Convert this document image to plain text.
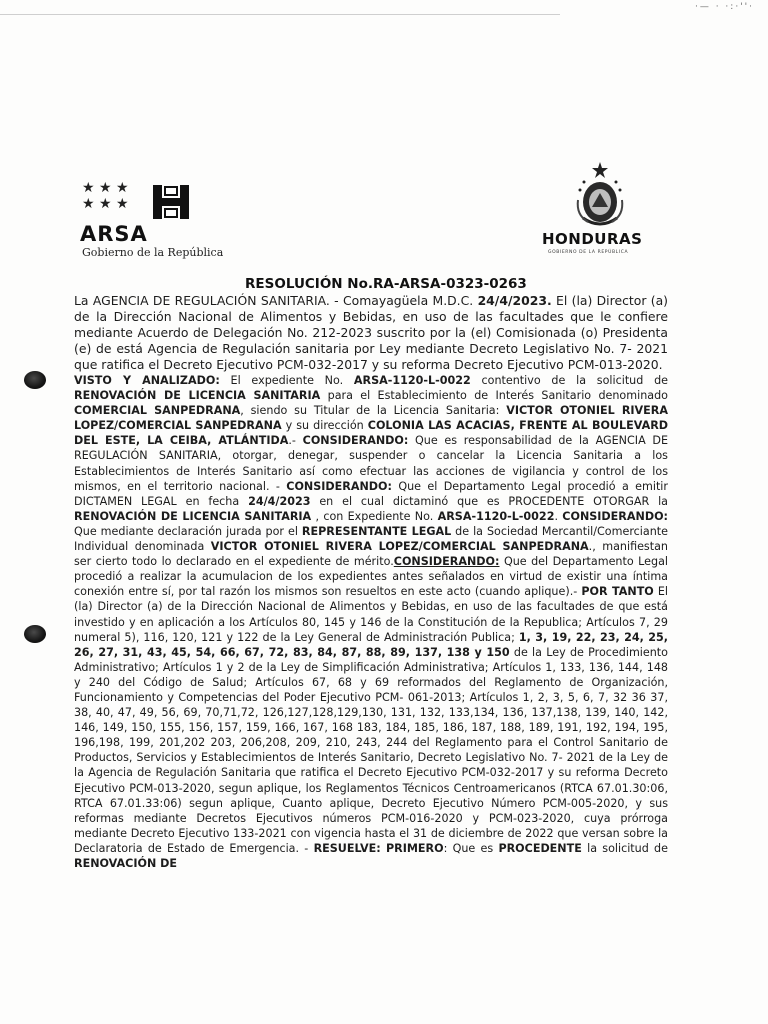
·— · ·:·''·
★ ★ ★
★ ★ ★
ARSA
Gobierno de la República
HONDURAS
GOBIERNO DE LA REPÚBLICA
RESOLUCIÓN No.RA-ARSA-0323-0263
La AGENCIA DE REGULACIÓN SANITARIA. - Comayagüela M.D.C. 24/4/2023. El (la) Director (a) de la Dirección Nacional de Alimentos y Bebidas, en uso de las facultades que le confiere mediante Acuerdo de Delegación No. 212-2023 suscrito por la (el) Comisionada (o) Presidenta (e) de está Agencia de Regulación sanitaria por Ley mediante Decreto Legislativo No. 7- 2021 que ratifica el Decreto Ejecutivo PCM-032-2017 y su reforma Decreto Ejecutivo PCM-013-2020.
VISTO Y ANALIZADO: El expediente No. ARSA-1120-L-0022 contentivo de la solicitud de RENOVACIÓN DE LICENCIA SANITARIA para el Establecimiento de Interés Sanitario denominado COMERCIAL SANPEDRANA, siendo su Titular de la Licencia Sanitaria: VICTOR OTONIEL RIVERA LOPEZ/COMERCIAL SANPEDRANA y su dirección COLONIA LAS ACACIAS, FRENTE AL BOULEVARD DEL ESTE, LA CEIBA, ATLÁNTIDA.- CONSIDERANDO: Que es responsabilidad de la AGENCIA DE REGULACIÓN SANITARIA, otorgar, denegar, suspender o cancelar la Licencia Sanitaria a los Establecimientos de Interés Sanitario así como efectuar las acciones de vigilancia y control de los mismos, en el territorio nacional. - CONSIDERANDO: Que el Departamento Legal procedió a emitir DICTAMEN LEGAL en fecha 24/4/2023 en el cual dictaminó que es PROCEDENTE OTORGAR la RENOVACIÓN DE LICENCIA SANITARIA , con Expediente No. ARSA-1120-L-0022. CONSIDERANDO: Que mediante declaración jurada por el REPRESENTANTE LEGAL de la Sociedad Mercantil/Comerciante Individual denominada VICTOR OTONIEL RIVERA LOPEZ/COMERCIAL SANPEDRANA., manifiestan ser cierto todo lo declarado en el expediente de mérito.CONSIDERANDO: Que del Departamento Legal procedió a realizar la acumulacion de los expedientes antes señalados en virtud de existir una íntima conexión entre sí, por tal razón los mismos son resueltos en este acto (cuando aplique).- POR TANTO El (la) Director (a) de la Dirección Nacional de Alimentos y Bebidas, en uso de las facultades de que está investido y en aplicación a los Artículos 80, 145 y 146 de la Constitución de la Republica; Artículos 7, 29 numeral 5), 116, 120, 121 y 122 de la Ley General de Administración Publica; 1, 3, 19, 22, 23, 24, 25, 26, 27, 31, 43, 45, 54, 66, 67, 72, 83, 84, 87, 88, 89, 137, 138 y 150 de la Ley de Procedimiento Administrativo; Artículos 1 y 2 de la Ley de Simplificación Administrativa; Artículos 1, 133, 136, 144, 148 y 240 del Código de Salud; Artículos 67, 68 y 69 reformados del Reglamento de Organización, Funcionamiento y Competencias del Poder Ejecutivo PCM- 061-2013; Artículos 1, 2, 3, 5, 6, 7, 32 36 37, 38, 40, 47, 49, 56, 69, 70,71,72, 126,127,128,129,130, 131, 132, 133,134, 136, 137,138, 139, 140, 142, 146, 149, 150, 155, 156, 157, 159, 166, 167, 168 183, 184, 185, 186, 187, 188, 189, 191, 192, 194, 195, 196,198, 199, 201,202 203, 206,208, 209, 210, 243, 244 del Reglamento para el Control Sanitario de Productos, Servicios y Establecimientos de Interés Sanitario, Decreto Legislativo No. 7- 2021 de la Ley de la Agencia de Regulación Sanitaria que ratifica el Decreto Ejecutivo PCM-032-2017 y su reforma Decreto Ejecutivo PCM-013-2020, segun aplique, los Reglamentos Técnicos Centroamericanos (RTCA 67.01.30:06, RTCA 67.01.33:06) segun aplique, Cuanto aplique, Decreto Ejecutivo Número PCM-005-2020, y sus reformas mediante Decretos Ejecutivos números PCM-016-2020 y PCM-023-2020, cuya prórroga mediante Decreto Ejecutivo 133-2021 con vigencia hasta el 31 de diciembre de 2022 que versan sobre la Declaratoria de Estado de Emergencia. - RESUELVE: PRIMERO: Que es PROCEDENTE la solicitud de RENOVACIÓN DE
